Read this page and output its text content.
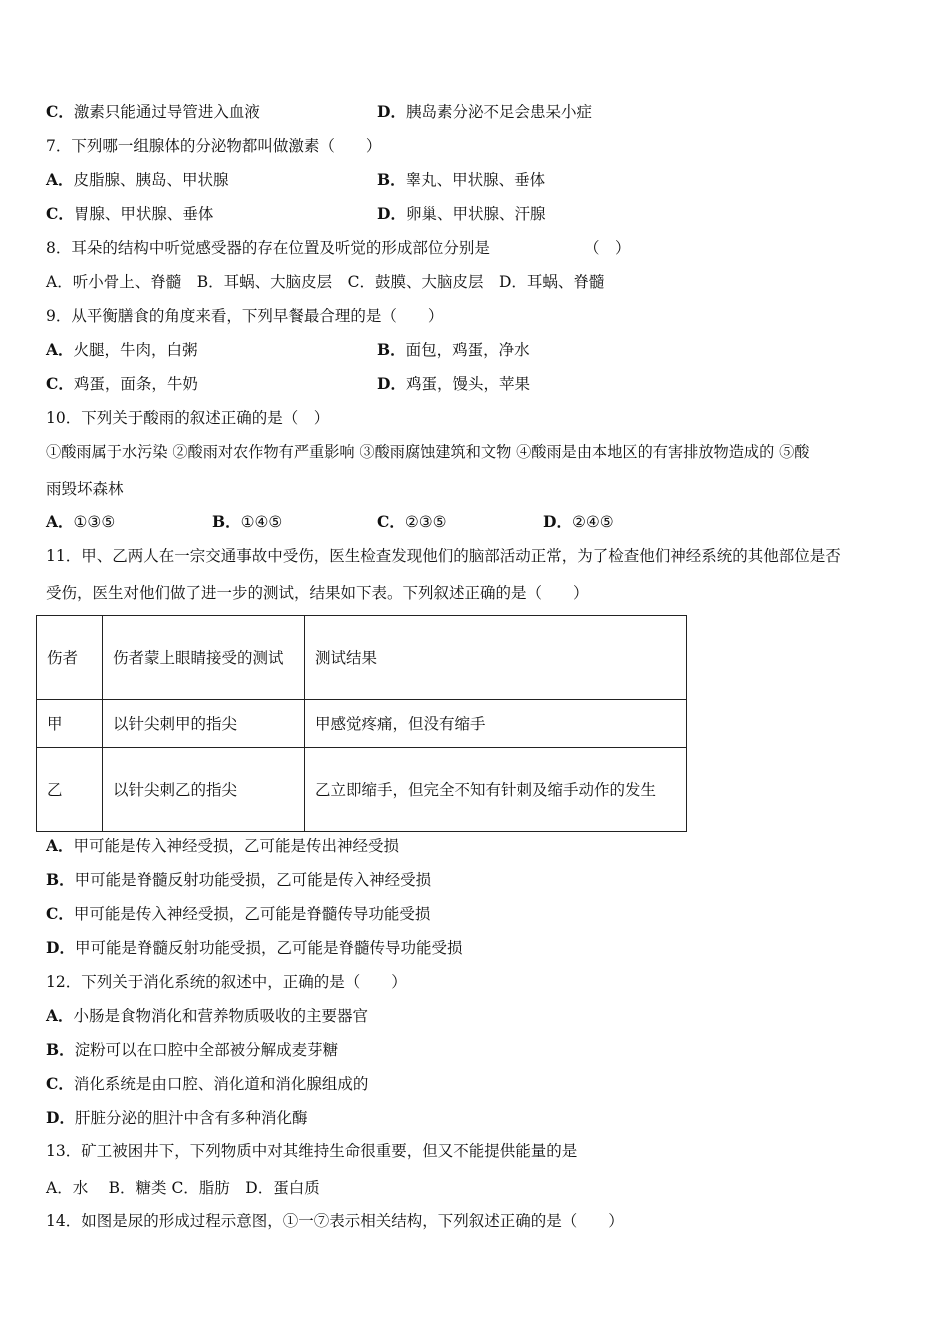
C．激素只能通过导管进入血液	D．胰岛素分泌不足会患呆小症
7．下列哪一组腺体的分泌物都叫做激素（　　）
A．皮脂腺、胰岛、甲状腺	B．睾丸、甲状腺、垂体
C．胃腺、甲状腺、垂体	D．卵巢、甲状腺、汗腺
8．耳朵的结构中听觉感受器的存在位置及听觉的形成部位分别是	（　）
A．听小骨上、脊髓　B．耳蜗、大脑皮层　C．鼓膜、大脑皮层　D．耳蜗、脊髓
9．从平衡膳食的角度来看，下列早餐最合理的是（　　）
A．火腿，牛肉，白粥	B．面包，鸡蛋，净水
C．鸡蛋，面条，牛奶	D．鸡蛋，馒头，苹果
10．下列关于酸雨的叙述正确的是（　）
①酸雨属于水污染 ②酸雨对农作物有严重影响 ③酸雨腐蚀建筑和文物 ④酸雨是由本地区的有害排放物造成的 ⑤酸
雨毁坏森林
A．①③⑤	B．①④⑤	C．②③⑤	D．②④⑤
11．甲、乙两人在一宗交通事故中受伤，医生检查发现他们的脑部活动正常，为了检查他们神经系统的其他部位是否
受伤，医生对他们做了进一步的测试，结果如下表。下列叙述正确的是（　　）
伤者	伤者蒙上眼睛接受的测试	测试结果
甲	以针尖刺甲的指尖	甲感觉疼痛，但没有缩手
乙	以针尖刺乙的指尖	乙立即缩手，但完全不知有针刺及缩手动作的发生
A．甲可能是传入神经受损，乙可能是传出神经受损
B．甲可能是脊髓反射功能受损，乙可能是传入神经受损
C．甲可能是传入神经受损，乙可能是脊髓传导功能受损
D．甲可能是脊髓反射功能受损，乙可能是脊髓传导功能受损
12．下列关于消化系统的叙述中，正确的是（　　）
A．小肠是食物消化和营养物质吸收的主要器官
B．淀粉可以在口腔中全部被分解成麦芽糖
C．消化系统是由口腔、消化道和消化腺组成的
D．肝脏分泌的胆汁中含有多种消化酶
13．矿工被困井下，下列物质中对其维持生命很重要，但又不能提供能量的是
A．水　 B．糖类 C．脂肪　D．蛋白质
14．如图是尿的形成过程示意图，①一⑦表示相关结构，下列叙述正确的是（　　）
